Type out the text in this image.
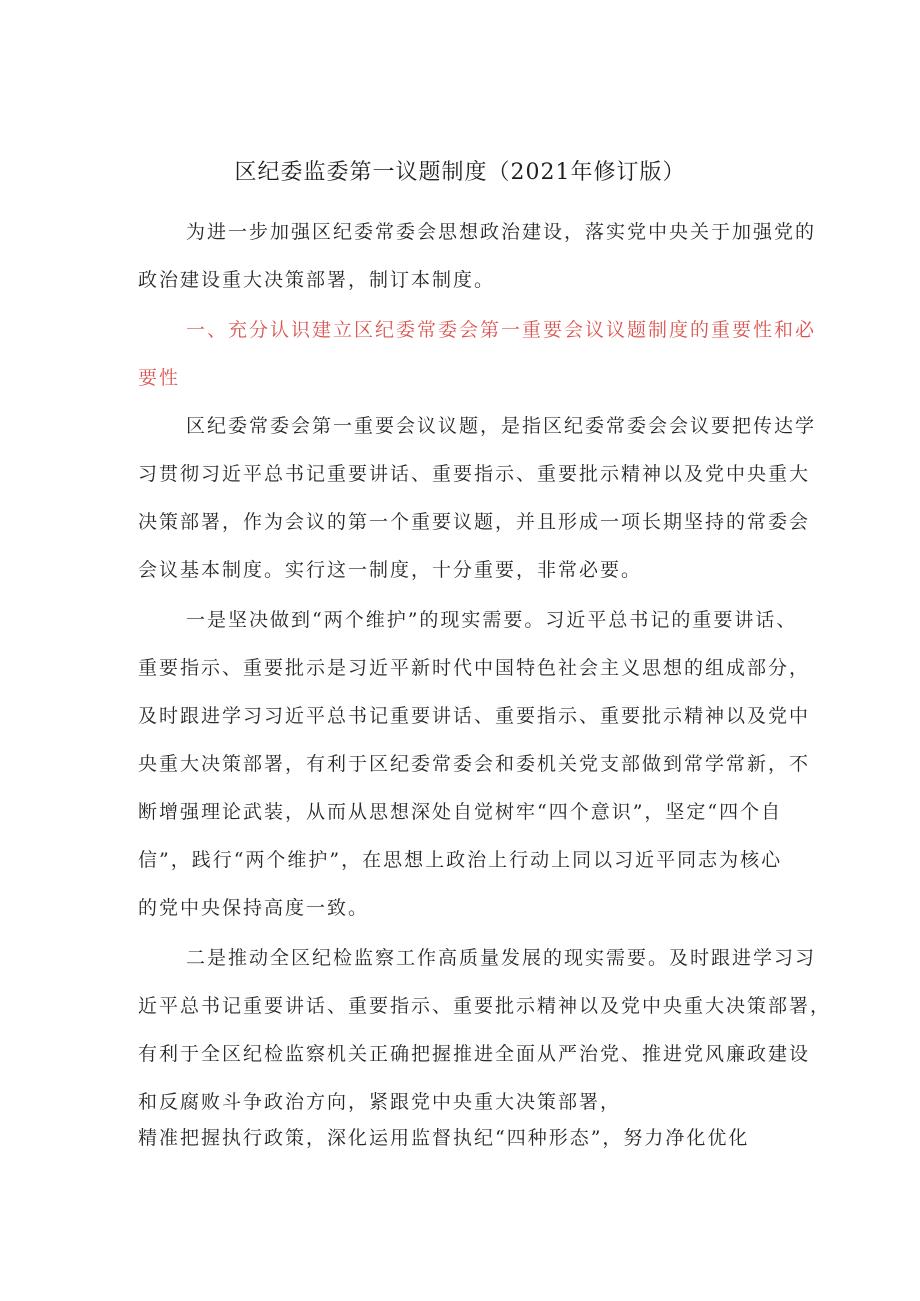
区纪委监委第一议题制度（2021年修订版）

为进一步加强区纪委常委会思想政治建设，落实党中央关于加强党的
政治建设重大决策部署，制订本制度。

一、充分认识建立区纪委常委会第一重要会议议题制度的重要性和必
要性

区纪委常委会第一重要会议议题，是指区纪委常委会会议要把传达学
习贯彻习近平总书记重要讲话、重要指示、重要批示精神以及党中央重大
决策部署，作为会议的第一个重要议题，并且形成一项长期坚持的常委会
会议基本制度。实行这一制度，十分重要，非常必要。

一是坚决做到“两个维护”的现实需要。习近平总书记的重要讲话、
重要指示、重要批示是习近平新时代中国特色社会主义思想的组成部分，
及时跟进学习习近平总书记重要讲话、重要指示、重要批示精神以及党中
央重大决策部署，有利于区纪委常委会和委机关党支部做到常学常新，不
断增强理论武装，从而从思想深处自觉树牢“四个意识”，坚定“四个自
信”，践行“两个维护”，在思想上政治上行动上同以习近平同志为核心
的党中央保持高度一致。

二是推动全区纪检监察工作高质量发展的现实需要。及时跟进学习习
近平总书记重要讲话、重要指示、重要批示精神以及党中央重大决策部署，
有利于全区纪检监察机关正确把握推进全面从严治党、推进党风廉政建设
和反腐败斗争政治方向，紧跟党中央重大决策部署，

精准把握执行政策，深化运用监督执纪“四种形态”，努力净化优化
